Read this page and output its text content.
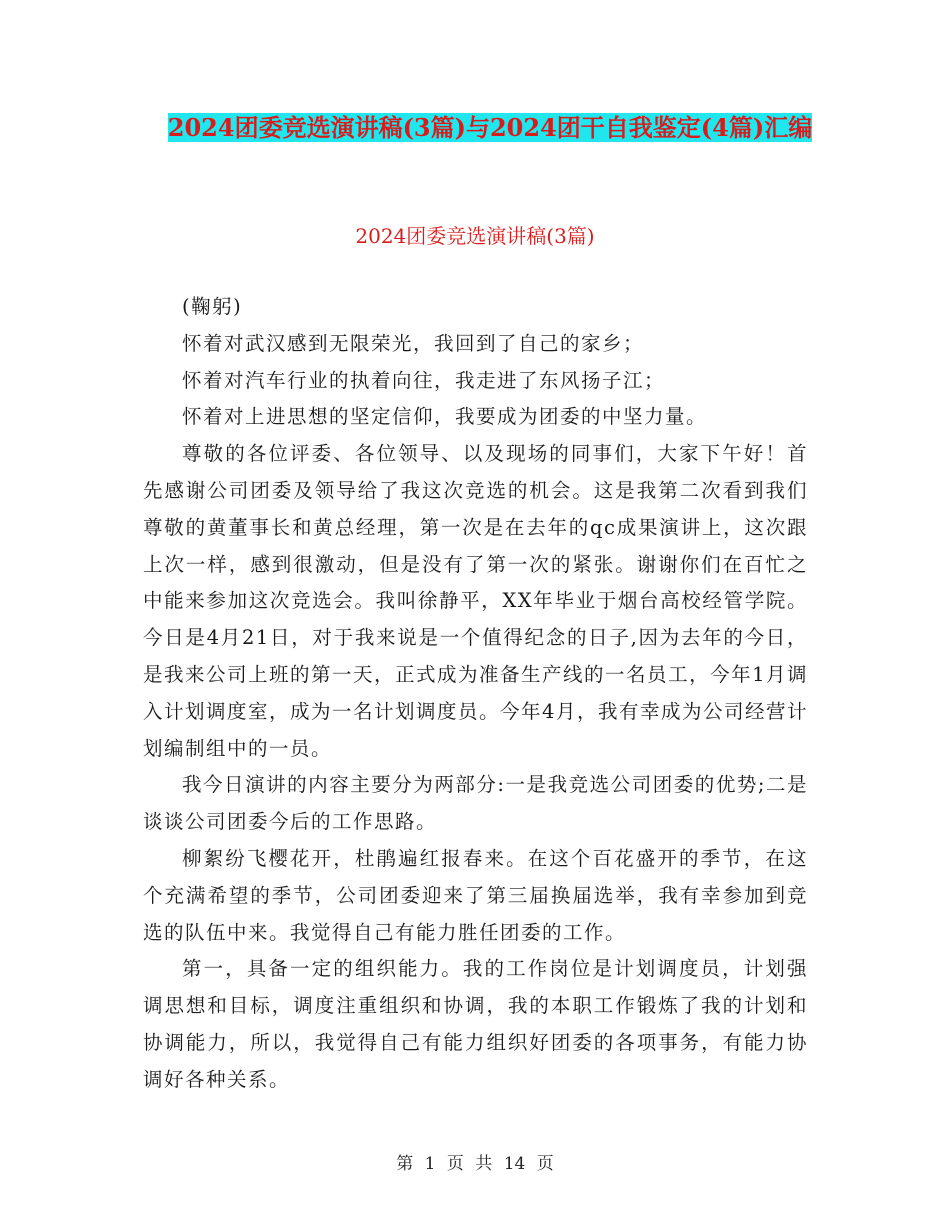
2024团委竞选演讲稿(3篇)与2024团干自我鉴定(4篇)汇编
2024团委竞选演讲稿(3篇)

(鞠躬)

怀着对武汉感到无限荣光，我回到了自己的家乡；

怀着对汽车行业的执着向往，我走进了东风扬子江；

怀着对上进思想的坚定信仰，我要成为团委的中坚力量。

尊敬的各位评委、各位领导、以及现场的同事们，大家下午好！首先感谢公司团委及领导给了我这次竞选的机会。这是我第二次看到我们尊敬的黄董事长和黄总经理，第一次是在去年的qc成果演讲上，这次跟上次一样，感到很激动，但是没有了第一次的紧张。谢谢你们在百忙之中能来参加这次竞选会。我叫徐静平，XX年毕业于烟台高校经管学院。今日是4月21日，对于我来说是一个值得纪念的日子,因为去年的今日，是我来公司上班的第一天，正式成为准备生产线的一名员工，今年1月调入计划调度室，成为一名计划调度员。今年4月，我有幸成为公司经营计划编制组中的一员。

我今日演讲的内容主要分为两部分:一是我竞选公司团委的优势;二是谈谈公司团委今后的工作思路。

柳絮纷飞樱花开，杜鹃遍红报春来。在这个百花盛开的季节，在这个充满希望的季节，公司团委迎来了第三届换届选举，我有幸参加到竞选的队伍中来。我觉得自己有能力胜任团委的工作。

第一，具备一定的组织能力。我的工作岗位是计划调度员，计划强调思想和目标，调度注重组织和协调，我的本职工作锻炼了我的计划和协调能力，所以，我觉得自己有能力组织好团委的各项事务，有能力协调好各种关系。

第 1 页 共 14 页
